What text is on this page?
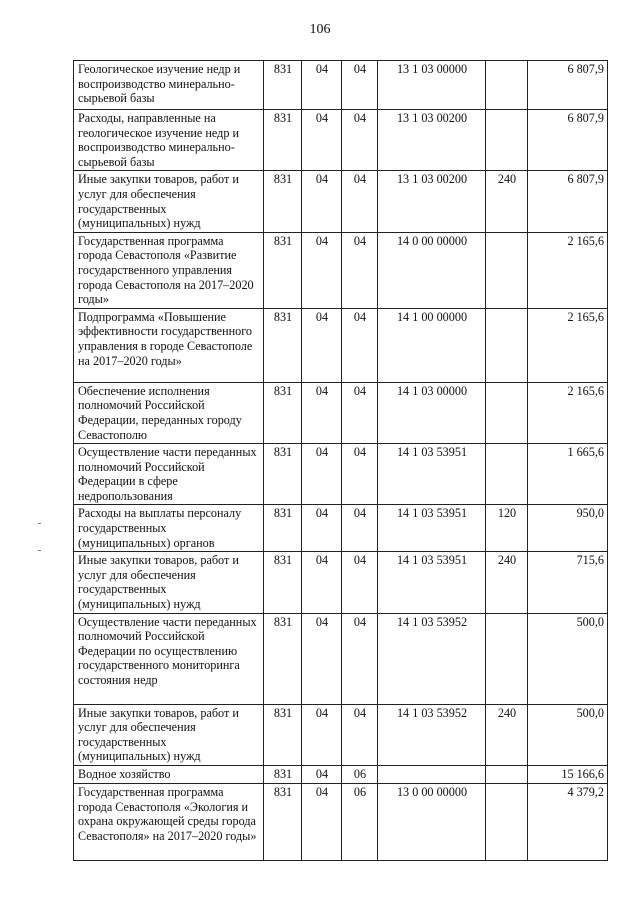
106
Геологическое изучение недр и воспроизводство минерально-сырьевой базы	831	04	04	13 1 03 00000		6 807,9
Расходы, направленные на геологическое изучение недр и воспроизводство минерально-сырьевой базы	831	04	04	13 1 03 00200		6 807,9
Иные закупки товаров, работ и услуг для обеспечения государственных (муниципальных) нужд	831	04	04	13 1 03 00200	240	6 807,9
Государственная программа города Севастополя «Развитие государственного управления города Севастополя на 2017–2020 годы»	831	04	04	14 0 00 00000		2 165,6
Подпрограмма «Повышение эффективности государственного управления в городе Севастополе на 2017–2020 годы»	831	04	04	14 1 00 00000		2 165,6
Обеспечение исполнения полномочий Российской Федерации, переданных городу Севастополю	831	04	04	14 1 03 00000		2 165,6
Осуществление части переданных полномочий Российской Федерации в сфере недропользования	831	04	04	14 1 03 53951		1 665,6
Расходы на выплаты персоналу государственных (муниципальных) органов	831	04	04	14 1 03 53951	120	950,0
Иные закупки товаров, работ и услуг для обеспечения государственных (муниципальных) нужд	831	04	04	14 1 03 53951	240	715,6
Осуществление части переданных полномочий Российской Федерации по осуществлению государственного мониторинга состояния недр	831	04	04	14 1 03 53952		500,0
Иные закупки товаров, работ и услуг для обеспечения государственных (муниципальных) нужд	831	04	04	14 1 03 53952	240	500,0
Водное хозяйство	831	04	06			15 166,6
Государственная программа города Севастополя «Экология и охрана окружающей среды города Севастополя» на 2017–2020 годы»	831	04	06	13 0 00 00000		4 379,2
